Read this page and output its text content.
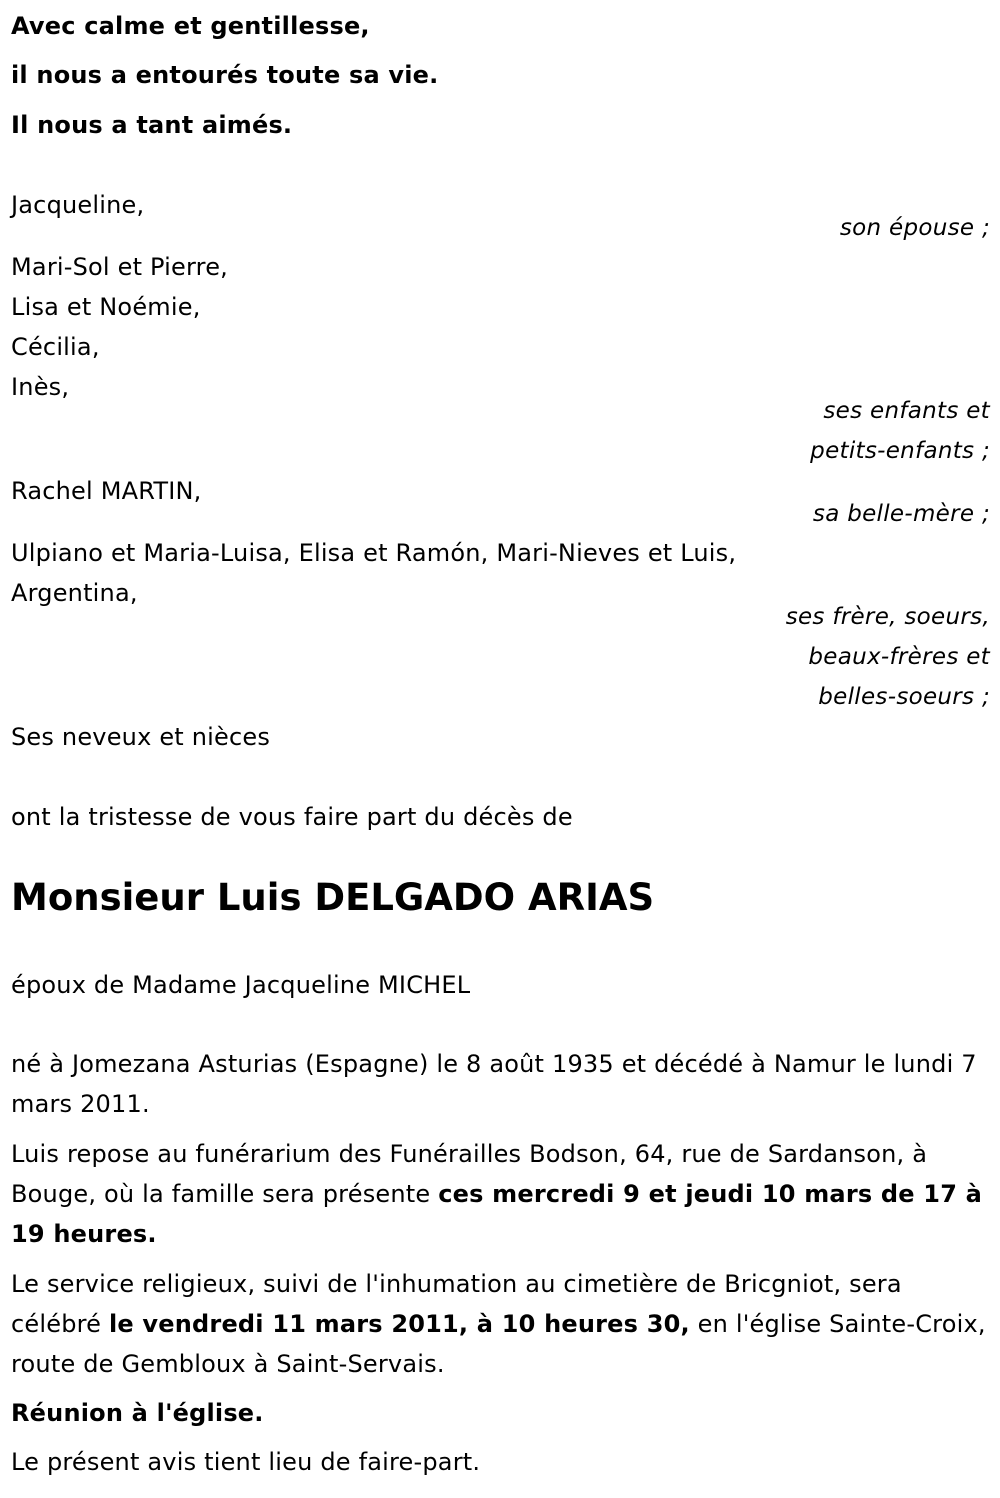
Avec calme et gentillesse,
il nous a entourés toute sa vie.
Il nous a tant aimés.
Jacqueline,
son épouse ;
Mari-Sol et Pierre,
Lisa et Noémie,
Cécilia,
Inès,
ses enfants et
petits-enfants ;
Rachel MARTIN,
sa belle-mère ;
Ulpiano et Maria-Luisa, Elisa et Ramón, Mari-Nieves et Luis,
Argentina,
ses frère, soeurs,
beaux-frères et
belles-soeurs ;
Ses neveux et nièces
ont la tristesse de vous faire part du décès de
Monsieur Luis DELGADO ARIAS
époux de Madame Jacqueline MICHEL
né à Jomezana Asturias (Espagne) le 8 août 1935 et décédé à Namur le lundi 7 mars 2011.
Luis repose au funérarium des Funérailles Bodson, 64, rue de Sardanson, à Bouge, où la famille sera présente ces mercredi 9 et jeudi 10 mars de 17 à 19 heures.
Le service religieux, suivi de l'inhumation au cimetière de Bricgniot, sera célébré le vendredi 11 mars 2011, à 10 heures 30, en l'église Sainte-Croix, route de Gembloux à Saint-Servais.
Réunion à l'église.
Le présent avis tient lieu de faire-part.
